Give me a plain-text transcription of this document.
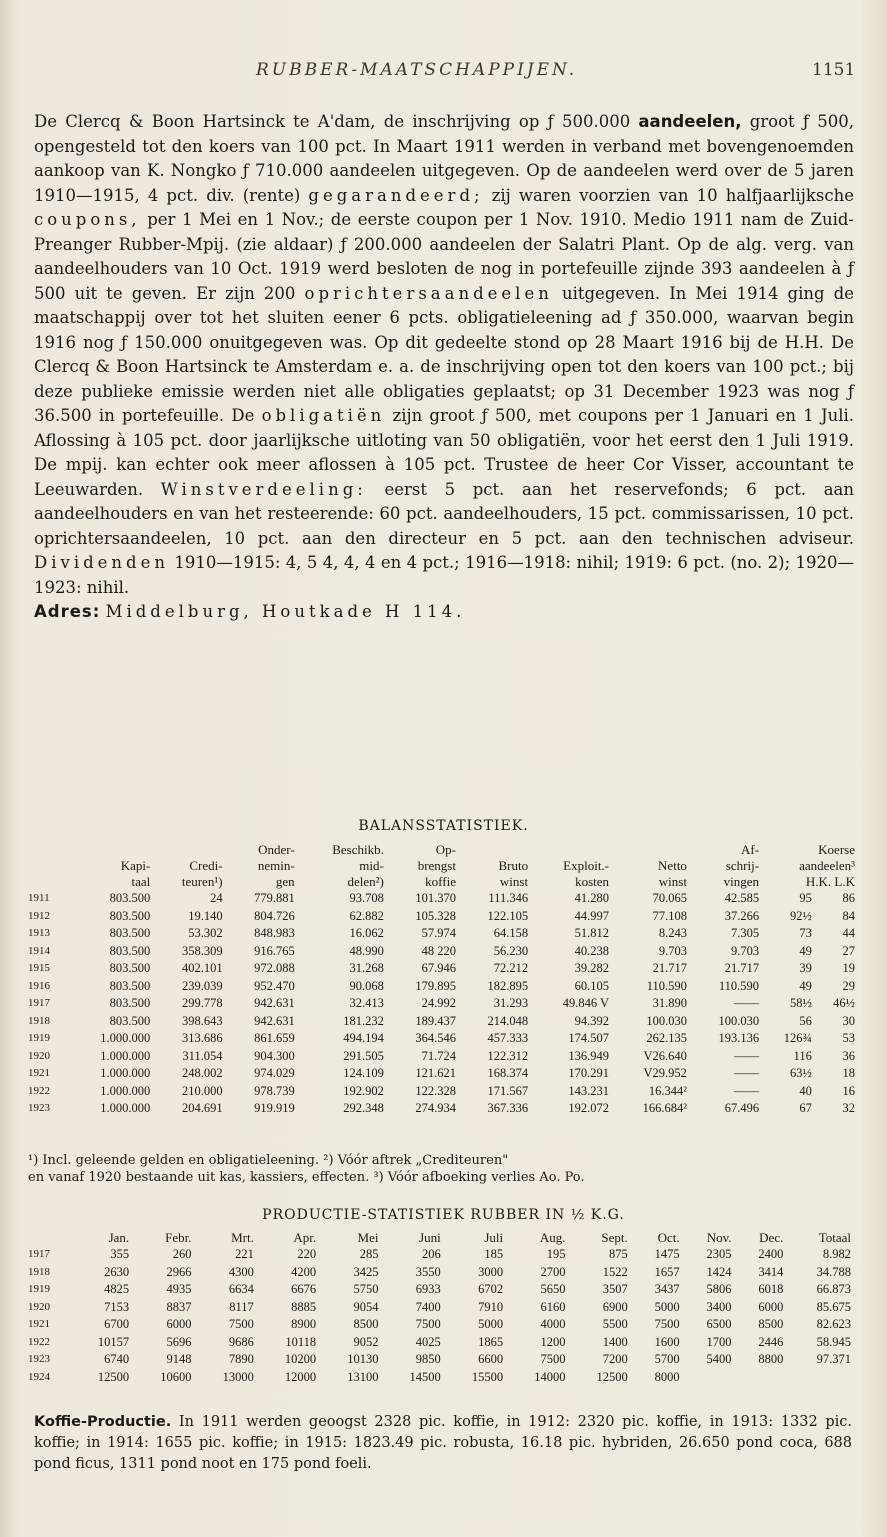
RUBBER-MAATSCHAPPIJEN.	1151

De Clercq & Boon Hartsinck te A'dam, de inschrijving op ƒ 500.000 aandeelen, groot ƒ 500, opengesteld tot den koers van 100 pct. In Maart 1911 werden in verband met bovengenoemden aankoop van K. Nongko ƒ 710.000 aandeelen uitgegeven. Op de aandeelen werd over de 5 jaren 1910—1915, 4 pct. div. (rente) gegarandeerd; zij waren voorzien van 10 halfjaarlijksche coupons, per 1 Mei en 1 Nov.; de eerste coupon per 1 Nov. 1910. Medio 1911 nam de Zuid-Preanger Rubber-Mpij. (zie aldaar) ƒ 200.000 aandeelen der Salatri Plant. Op de alg. verg. van aandeelhouders van 10 Oct. 1919 werd besloten de nog in portefeuille zijnde 393 aandeelen à ƒ 500 uit te geven. Er zijn 200 oprichtersaandeelen uitgegeven. In Mei 1914 ging de maatschappij over tot het sluiten eener 6 pcts. obligatieleening ad ƒ 350.000, waarvan begin 1916 nog ƒ 150.000 onuitgegeven was. Op dit gedeelte stond op 28 Maart 1916 bij de H.H. De Clercq & Boon Hartsinck te Amsterdam e. a. de inschrijving open tot den koers van 100 pct.; bij deze publieke emissie werden niet alle obligaties geplaatst; op 31 December 1923 was nog ƒ 36.500 in portefeuille. De obligatiën zijn groot ƒ 500, met coupons per 1 Januari en 1 Juli. Aflossing à 105 pct. door jaarlijksche uitloting van 50 obligatiën, voor het eerst den 1 Juli 1919. De mpij. kan echter ook meer aflossen à 105 pct. Trustee de heer Cor Visser, accountant te Leeuwarden. Winstverdeeling: eerst 5 pct. aan het reservefonds; 6 pct. aan aandeelhouders en van het resteerende: 60 pct. aandeelhouders, 15 pct. commissarissen, 10 pct. oprichtersaandeelen, 10 pct. aan den directeur en 5 pct. aan den technischen adviseur. Dividenden 1910—1915: 4, 5 4, 4, 4 en 4 pct.; 1916—1918: nihil; 1919: 6 pct. (no. 2); 1920—1923: nihil.

Adres: Middelburg, Houtkade H 114.

BALANSSTATISTIEK.
			Onder-	Beschikb.	Op-				Af-	Koerse	
	Kapi-	Credi-	nemin-	mid-	brengst	Bruto	Exploit.-	Netto	schrij-	aandeelen³	
	taal	teuren¹)	gen	delen²)	koffie	winst	kosten	winst	vingen	H.K. L.K	
1911	803.500	24	779.881	93.708	101.370	111.346	41.280	70.065	42.585	95	86
1912	803.500	19.140	804.726	62.882	105.328	122.105	44.997	77.108	37.266	92½	84
1913	803.500	53.302	848.983	16.062	57.974	64.158	51.812	8.243	7.305	73	44
1914	803.500	358.309	916.765	48.990	48 220	56.230	40.238	9.703	9.703	49	27
1915	803.500	402.101	972.088	31.268	67.946	72.212	39.282	21.717	21.717	39	19
1916	803.500	239.039	952.470	90.068	179.895	182.895	60.105	110.590	110.590	49	29
1917	803.500	299.778	942.631	32.413	24.992	31.293	49.846 V	31.890	——	58½	46½
1918	803.500	398.643	942.631	181.232	189.437	214.048	94.392	100.030	100.030	56	30
1919	1.000.000	313.686	861.659	494.194	364.546	457.333	174.507	262.135	193.136	126¾	53
1920	1.000.000	311.054	904.300	291.505	71.724	122.312	136.949	V26.640	——	116	36
1921	1.000.000	248.002	974.029	124.109	121.621	168.374	170.291	V29.952	——	63½	18
1922	1.000.000	210.000	978.739	192.902	122.328	171.567	143.231	16.344²	——	40	16
1923	1.000.000	204.691	919.919	292.348	274.934	367.336	192.072	166.684²	67.496	67	32
¹) Incl. geleende gelden en obligatieleening. ²) Vóór aftrek „Crediteuren"
en vanaf 1920 bestaande uit kas, kassiers, effecten. ³) Vóór afboeking verlies Ao. Po.
PRODUCTIE-STATISTIEK RUBBER IN ½ K.G.
	Jan.	Febr.	Mrt.	Apr.	Mei	Juni	Juli	Aug.	Sept.	Oct.	Nov.	Dec.	Totaal
1917	355	260	221	220	285	206	185	195	875	1475	2305	2400	8.982
1918	2630	2966	4300	4200	3425	3550	3000	2700	1522	1657	1424	3414	34.788
1919	4825	4935	6634	6676	5750	6933	6702	5650	3507	3437	5806	6018	66.873
1920	7153	8837	8117	8885	9054	7400	7910	6160	6900	5000	3400	6000	85.675
1921	6700	6000	7500	8900	8500	7500	5000	4000	5500	7500	6500	8500	82.623
1922	10157	5696	9686	10118	9052	4025	1865	1200	1400	1600	1700	2446	58.945
1923	6740	9148	7890	10200	10130	9850	6600	7500	7200	5700	5400	8800	97.371
1924	12500	10600	13000	12000	13100	14500	15500	14000	12500	8000			
Koffie-Productie. In 1911 werden geoogst 2328 pic. koffie, in 1912: 2320 pic. koffie, in 1913: 1332 pic. koffie; in 1914: 1655 pic. koffie; in 1915: 1823.49 pic. robusta, 16.18 pic. hybriden, 26.650 pond coca, 688 pond ficus, 1311 pond noot en 175 pond foeli.
